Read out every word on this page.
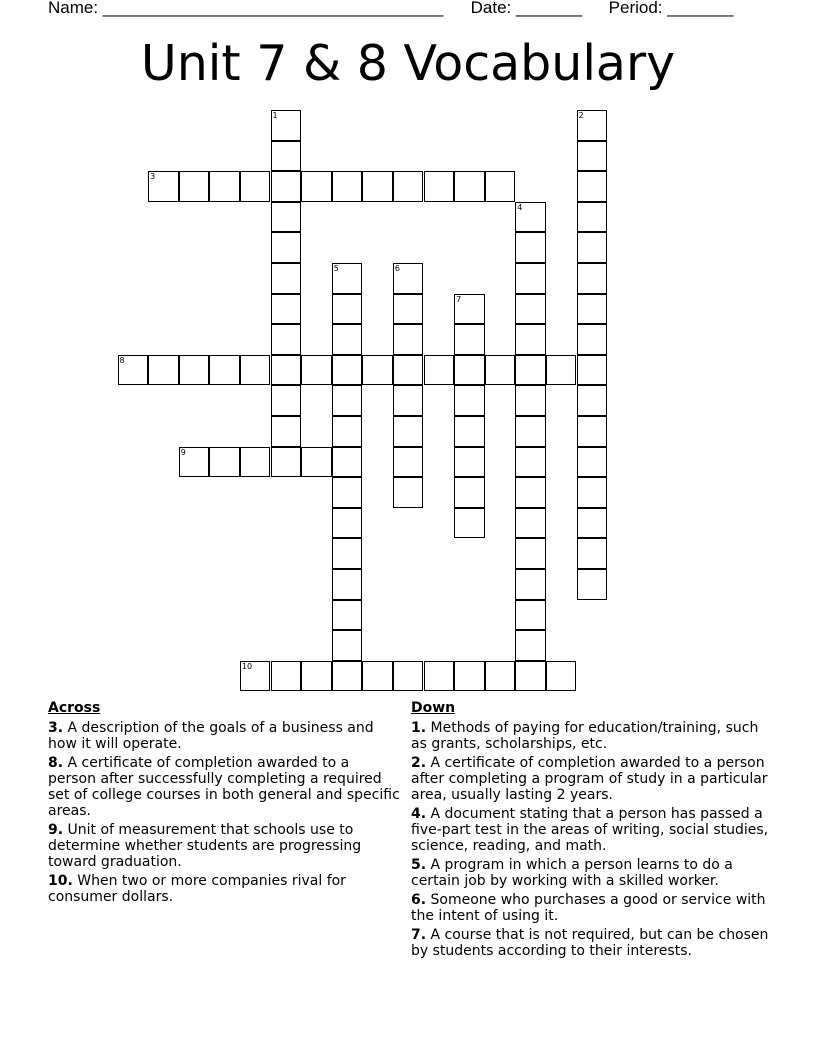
Name: ____________________________________ Date: _______ Period: _______
Unit 7 & 8 Vocabulary
1	2
3
4
5	6
7
8
9
10
Across
3. A description of the goals of a business and how it will operate.
8. A certificate of completion awarded to a person after successfully completing a required set of college courses in both general and specific areas.
9. Unit of measurement that schools use to determine whether students are progressing toward graduation.
10. When two or more companies rival for consumer dollars.
Down
1. Methods of paying for education/training, such as grants, scholarships, etc.
2. A certificate of completion awarded to a person after completing a program of study in a particular area, usually lasting 2 years.
4. A document stating that a person has passed a five-part test in the areas of writing, social studies, science, reading, and math.
5. A program in which a person learns to do a certain job by working with a skilled worker.
6. Someone who purchases a good or service with the intent of using it.
7. A course that is not required, but can be chosen by students according to their interests.
